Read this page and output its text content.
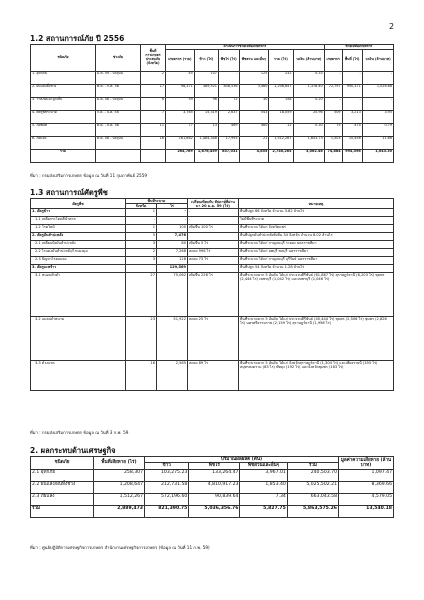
2
1.2 สถานการณ์ภัย ปี 2556
ชนิดภัย	ช่วงภัย	พื้นที่ การเกษตร ประสบภัย (จังหวัด)	ดำเนินการช่วยเหลือเกษตรกร						ช่วยเหลือเกษตรกร		
			เกษตรกร (ราย)	ข้าว (ไร่)	พืชไร่ (ไร่)	พืชสวน และอื่นๆ	รวม (ไร่)	วงเงิน (ล้านบาท)	เกษตรกร	พื้นที่ (ไร่)	วงเงิน (ล้านบาท)
1. อุทกภัย	มี.ค. 59 - ปัจจุบัน	2	45	107	-	125	232	0.33	-	-	-
2. ฝนแล้งทิ้งช่วง	พ.ค. - ก.ค. 58	17	98,371	389,521	808,536	3,460	1,206,647	1,378.40	72,797	990,371	1,026.88
3. วาตภัยและลูกเห็บ	ม.ค. 58 - ปัจจุบัน	6	59	96	72	30	158	0.20	-	-	-
4. ศัตรูพืชระบาด	ก.ค. - ธ.ค. 58	7	3,765	15,319	2,637	543	18,059	20.96	509	3,213	3.95
5. ภัยพิบัติ	ต.ค. - ธ.ค. 58	11	77	13	469	460	12	0.30	75	474	0.79
6. ภัยแล้ง	ต.ค. 58 - ปัจจุบัน	16	161,662	1,484,348	17,993	21	1,512,267	1,653.73	1,503	10,456	11.66
รวม			264,769	1,876,459	857,031	4,855	2,740,265	3,062.46	74,884	994,598	1,043.30
ที่มา : กรมส่งเสริมการเกษตร ข้อมูล ณ วันที่ 11 กุมภาพันธ์ 2559
1.3 สถานการณ์ศัตรูพืช
ศัตรูพืช	พื้นที่ระบาด		เปรียบเทียบกับ สัปดาห์ที่ผ่านมา 20 ม.ค. 59 (ไร่)	หมายเหตุ
	จังหวัด	ไร่		
1. ศัตรูข้าว	1	-	-	พื้นที่ปลูก 66 จังหวัด จำนวน 3.82 ล้านไร่
1.1 เพลี้ยกระโดดสีน้ำตาล	-	-	-	ไม่มีพื้นที่ระบาด
1.2 โรคไหม้	1	100	เพิ่มขึ้น 100 ไร่	พื้นที่ระบาด ได้แก่ จังหวัดแพร่
2. ศัตรูมันสำปะหลัง	5	7,476		พื้นที่ปลูกมันสำปะหลังทั้งสิ้น 34 จังหวัด จำนวน 8.02 ล้านไร่
2.1 เพลี้ยแป้งมันสำปะหลัง	3	80	เพิ่มขึ้น 5 ไร่	พื้นที่ระบาด ได้แก่ กาญจนบุรี ระยอง นครราชสีมา
2.2 ไรแดงมันสำปะหลัง/ไรแมงมุม	2	7,268	ลดลง 996 ไร่	พื้นที่ระบาด ได้แก่ ลพบุรี ชลบุรี นครราชสีมา
2.3 ปัญหาโรคแมลง	3	128	ลดลง 73 ไร่	พื้นที่ระบาด ได้แก่ กาญจนบุรี บุรีรัมย์ นครราชสีมา
3. ศัตรูมะพร้าว		129,569		พื้นที่ปลูก 54 จังหวัด จำนวน 1.28 ล้านไร่
3.1 หนอนหัวดำ	27	75,062	เพิ่มขึ้น 226 ไร่	พื้นที่ระบาดมาก 5 อันดับ ได้แก่ ประจวบคีรีขันธ์ (61,867 ไร่) สุราษฎร์ธานี (6,203 ไร่) ชุมพร (2,444 ไร่) เพชรบุรี (1,042 ไร่) และเพชรบุรี (1,046 ไร่)
3.2 แมลงดำหนาม	23	51,922	ลดลง 25 ไร่	พื้นที่ระบาดมาก 5 อันดับ ได้แก่ ประจวบคีรีขันธ์ (40,444 ไร่) ชุมพร (2,506 ไร่) ชุมพร (2,826 ไร่) นครศรีธรรมราช (2,159 ไร่) สุราษฎร์ธานี (1,998 ไร่)
3.3 ด้วงแรด	16	2,585	ลดลง 89 ไร่	พื้นที่ระบาดมาก 5 อันดับ ได้แก่ จังหวัดสุราษฎร์ธานี (1,304 ไร่) และเพียงรายนี้ (355 ไร่) สมุทรสงคราม (83 ไร่) พัทลุง (192 ไร่) และจังหวัดชุมพร (163 ไร่)
ที่มา : กรมส่งเสริมการเกษตร ข้อมูล ณ วันที่ 3 ก.พ. 59
2. ผลกระทบด้านเศรษฐกิจ
ชนิดภัย	พื้นที่เสียหาย (ไร่)	ปริมาณผลผลิต (ตัน)				มูลค่าความเสียหาย (ล้านบาท)
		ข้าว	พืชไร่	พืชสวนและอื่นๆ	รวม	
2.1 อุทกภัย	258,307	103,275.23	133,264.47	3,967.01	240,503.70	1,097.47
2.2 ฝนแล้ง/ฝนทิ้งช่วง	1,208,647	212,731.58	4,810,917.23	1,853.40	5,025,502.21	8,369.66
2.3 ภัยแล้ง	1,512,267	572,196.60	90,839.64	7.34	663,043.58	4,579.05
รวม	2,889,473	821,390.75	5,036,356.76	5,827.75	5,863,575.26	13,540.18
ที่มา : ศูนย์ปฏิบัติการเศรษฐกิจการเกษตร สำนักงานเศรษฐกิจการเกษตร (ข้อมูล ณ วันที่ 11 ก.พ. 59)
